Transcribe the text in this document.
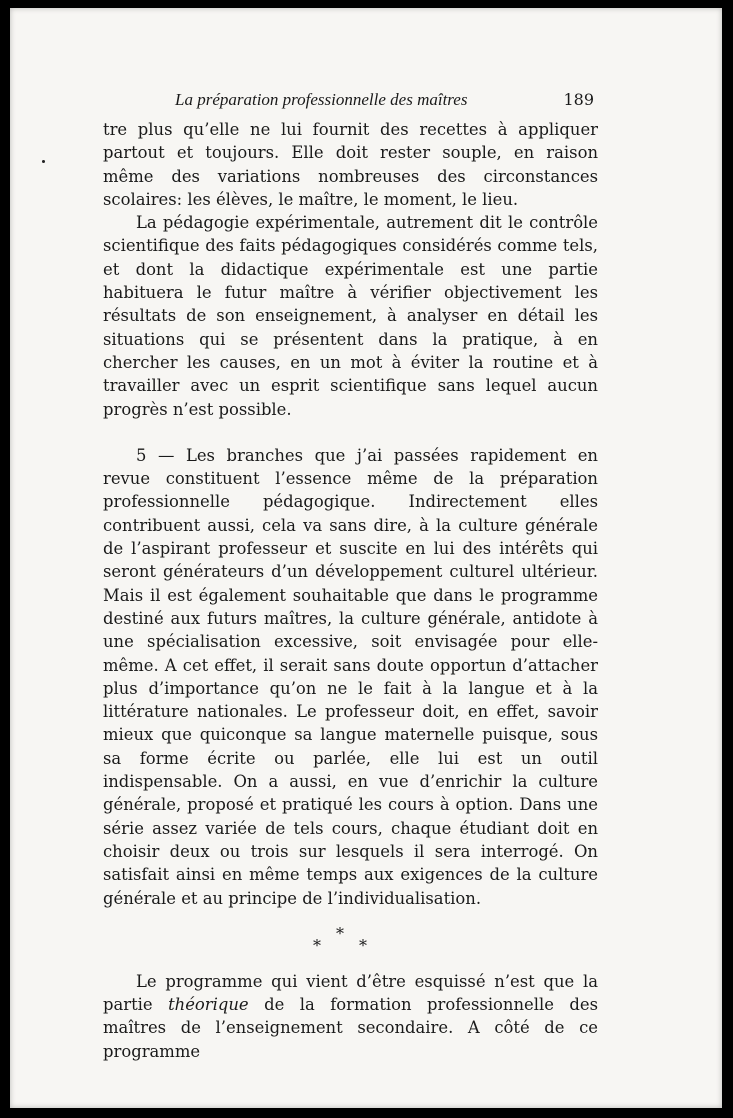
La préparation professionnelle des maîtres	189

tre plus qu’elle ne lui fournit des recettes à appliquer partout et toujours. Elle doit rester souple, en raison même des variations nombreuses des circonstances scolaires: les élèves, le maître, le moment, le lieu.

La pédagogie expérimentale, autrement dit le contrôle scientifique des faits pédagogiques considérés comme tels, et dont la didactique expérimentale est une partie habituera le futur maître à vérifier objectivement les résultats de son enseignement, à analyser en détail les situations qui se présentent dans la pratique, à en chercher les causes, en un mot à éviter la routine et à travailler avec un esprit scientifique sans lequel aucun progrès n’est possible.

5 — Les branches que j’ai passées rapidement en revue constituent l’essence même de la préparation professionnelle pédagogique. Indirectement elles contribuent aussi, cela va sans dire, à la culture générale de l’aspirant professeur et suscite en lui des intérêts qui seront générateurs d’un développement culturel ultérieur. Mais il est également souhaitable que dans le programme destiné aux futurs maîtres, la culture générale, antidote à une spécialisation excessive, soit envisagée pour elle-même. A cet effet, il serait sans doute opportun d’attacher plus d’importance qu’on ne le fait à la langue et à la littérature nationales. Le professeur doit, en effet, savoir mieux que quiconque sa langue maternelle puisque, sous sa forme écrite ou parlée, elle lui est un outil indispensable. On a aussi, en vue d’enrichir la culture générale, proposé et pratiqué les cours à option. Dans une série assez variée de tels cours, chaque étudiant doit en choisir deux ou trois sur lesquels il sera interrogé. On satisfait ainsi en même temps aux exigences de la culture générale et au principe de l’individualisation.

*
* *

Le programme qui vient d’être esquissé n’est que la partie théorique de la formation professionnelle des maîtres de l’enseignement secondaire. A côté de ce programme
